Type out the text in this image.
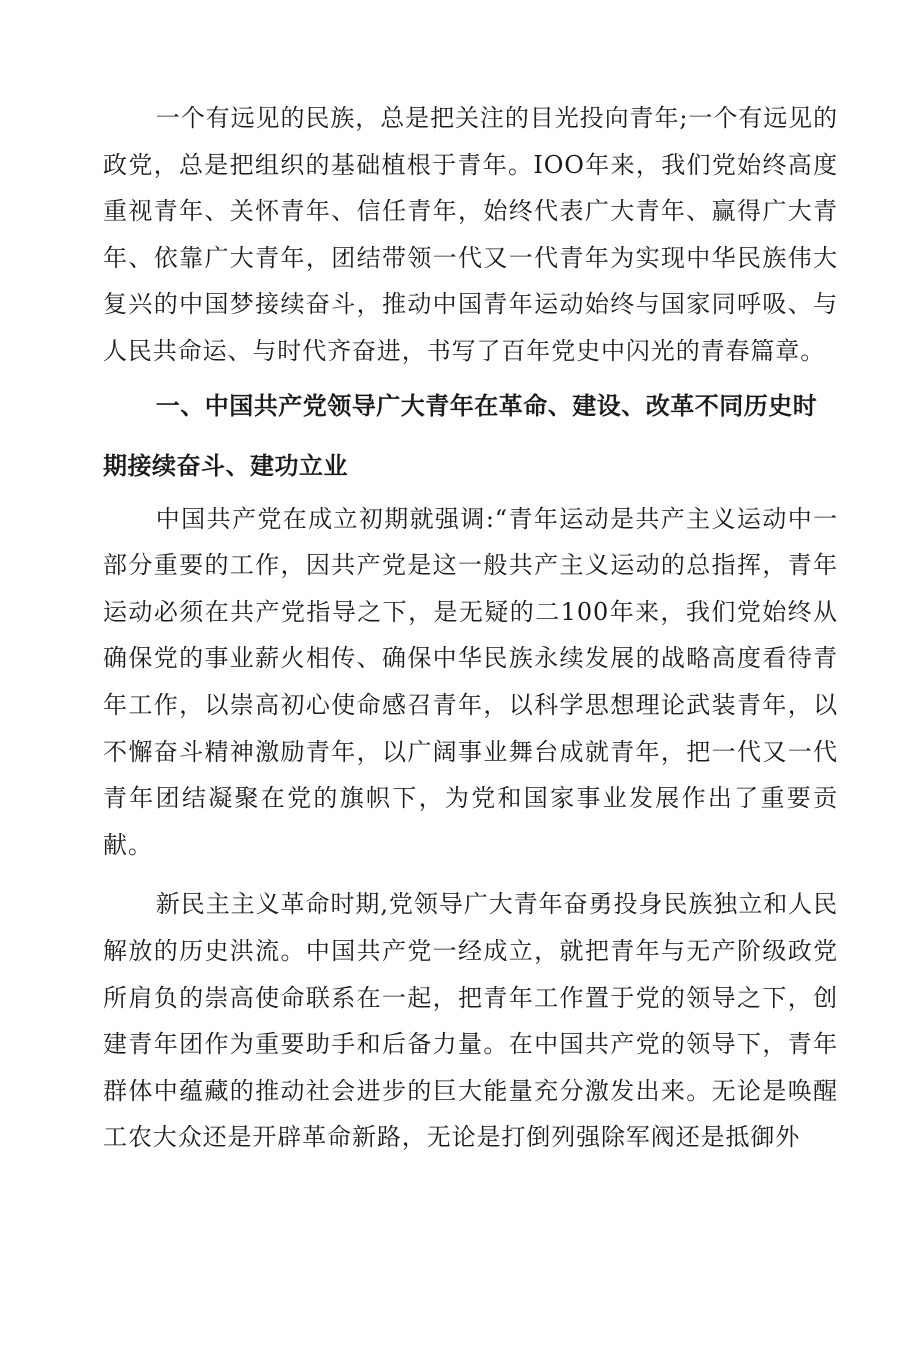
一个有远见的民族，总是把关注的目光投向青年;一个有远见的政党，总是把组织的基础植根于青年。IOO年来，我们党始终高度重视青年、关怀青年、信任青年，始终代表广大青年、赢得广大青年、依靠广大青年，团结带领一代又一代青年为实现中华民族伟大复兴的中国梦接续奋斗，推动中国青年运动始终与国家同呼吸、与人民共命运、与时代齐奋进，书写了百年党史中闪光的青春篇章。

一、中国共产党领导广大青年在革命、建设、改革不同历史时期接续奋斗、建功立业

中国共产党在成立初期就强调:“青年运动是共产主义运动中一部分重要的工作，因共产党是这一般共产主义运动的总指挥，青年运动必须在共产党指导之下，是无疑的二100年来，我们党始终从确保党的事业薪火相传、确保中华民族永续发展的战略高度看待青年工作，以崇高初心使命感召青年，以科学思想理论武装青年，以不懈奋斗精神激励青年，以广阔事业舞台成就青年，把一代又一代青年团结凝聚在党的旗帜下，为党和国家事业发展作出了重要贡献。

新民主主义革命时期,党领导广大青年奋勇投身民族独立和人民解放的历史洪流。中国共产党一经成立，就把青年与无产阶级政党所肩负的崇高使命联系在一起，把青年工作置于党的领导之下，创建青年团作为重要助手和后备力量。在中国共产党的领导下，青年群体中蕴藏的推动社会进步的巨大能量充分激发出来。无论是唤醒工农大众还是开辟革命新路，无论是打倒列强除军阀还是抵御外
